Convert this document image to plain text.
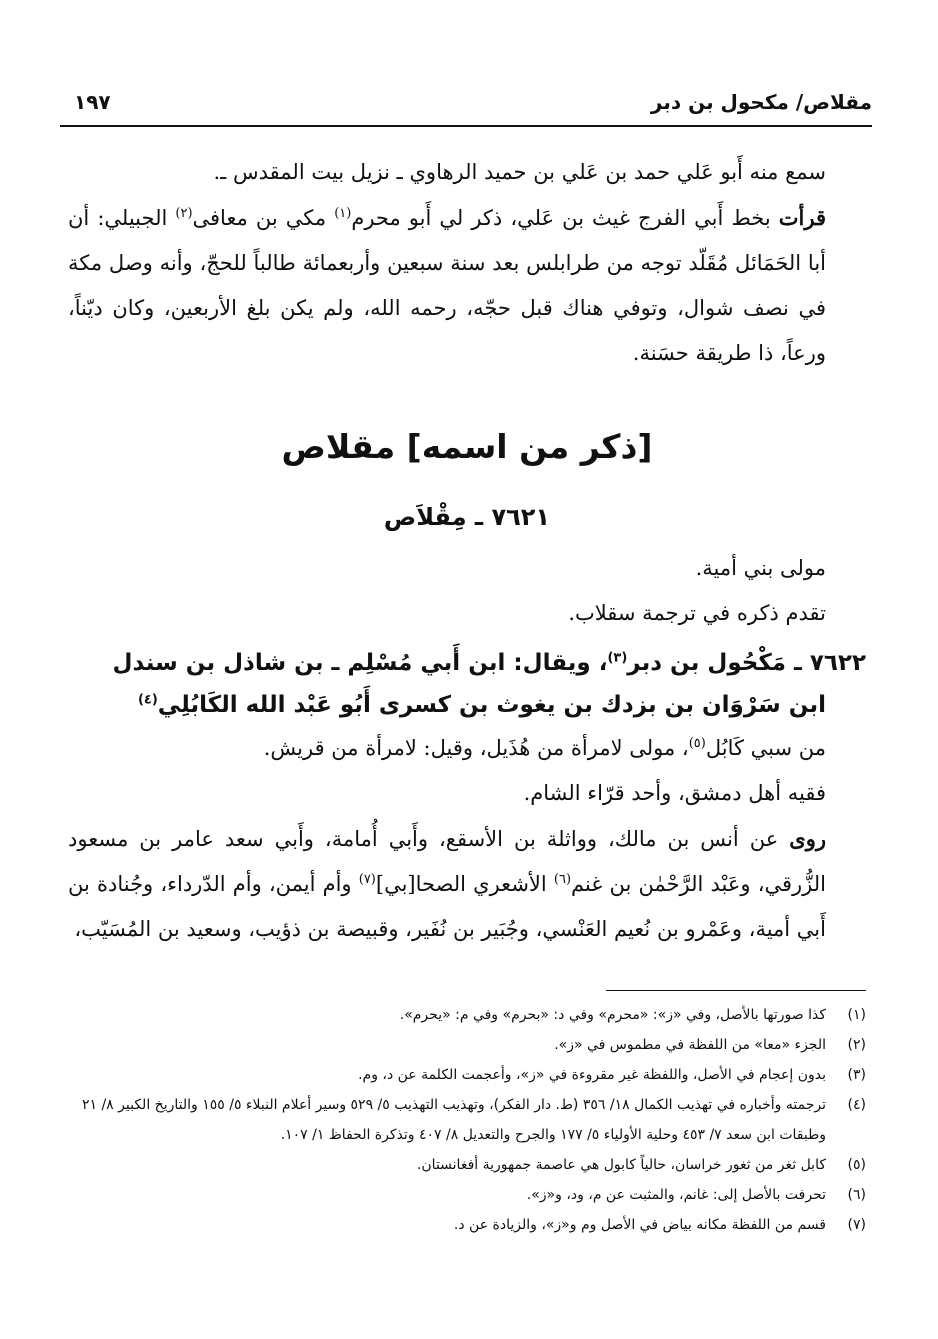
مقلاص/ مكحول بن دبر
١٩٧

سمع منه أَبو عَلي حمد بن عَلي بن حميد الرهاوي ـ نزيل بيت المقدس ـ.

قرأت بخط أَبي الفرج غيث بن عَلي، ذكر لي أَبو محرم$^{(١)}$ مكي بن معافى$^{(٢)}$ الجبيلي: أن أبا الحَمَائل مُقَلّد توجه من طرابلس بعد سنة سبعين وأربعمائة طالباً للحجّ، وأنه وصل مكة في نصف شوال، وتوفي هناك قبل حجّه، رحمه الله، ولم يكن بلغ الأربعين، وكان ديّناً، ورعاً، ذا طريقة حسَنة.

[ذكر من اسمه] مقلاص
٧٦٢١ ـ مِقْلاَص

مولى بني أمية.

تقدم ذكره في ترجمة سقلاب.

٧٦٢٢ ـ مَكْحُول بن دبر$^{(٣)}$، ويقال: ابن أَبي مُسْلِم ـ بن شاذل بن سندل
ابن سَرْوَان بن بزدك بن يغوث بن كسرى أَبُو عَبْد الله الكَابُلِي$^{(٤)}$

من سبي كَابُل$^{(٥)}$، مولى لامرأة من هُذَيل، وقيل: لامرأة من قريش.

فقيه أهل دمشق، وأحد قرّاء الشام.

روى عن أنس بن مالك، وواثلة بن الأسقع، وأَبي أُمامة، وأَبي سعد عامر بن مسعود الزُّرقي، وعَبْد الرَّحْمٰن بن غنم$^{(٦)}$ الأشعري الصحا[بي]$^{(٧)}$ وأم أيمن، وأم الدّرداء، وجُنادة بن أَبي أمية، وعَمْرو بن نُعيم العَنْسي، وجُبَير بن نُفَير، وقبيصة بن ذؤيب، وسعيد بن المُسَيّب،

(١)
كذا صورتها بالأصل، وفي «ز»: «محرم» وفي د: «بحرم» وفي م: «يحرم».
(٢)
الجزء «معا» من اللفظة في مطموس في «ز».
(٣)
بدون إعجام في الأصل، واللفظة غير مقروءة في «ز»، وأعجمت الكلمة عن د، وم.
(٤)
ترجمته وأخباره في تهذيب الكمال ١٨/ ٣٥٦ (ط. دار الفكر)، وتهذيب التهذيب ٥/ ٥٢٩ وسير أعلام النبلاء ٥/ ١٥٥ والتاريخ الكبير ٨/ ٢١ وطبقات ابن سعد ٧/ ٤٥٣ وحلية الأولياء ٥/ ١٧٧ والجرح والتعديل ٨/ ٤٠٧ وتذكرة الحفاظ ١/ ١٠٧.
(٥)
كابل ثغر من ثغور خراسان، حالياً كابول هي عاصمة جمهورية أفغانستان.
(٦)
تحرفت بالأصل إلى: غانم، والمثبت عن م، ود، و«ز».
(٧)
قسم من اللفظة مكانه بياض في الأصل وم و«ز»، والزيادة عن د.
